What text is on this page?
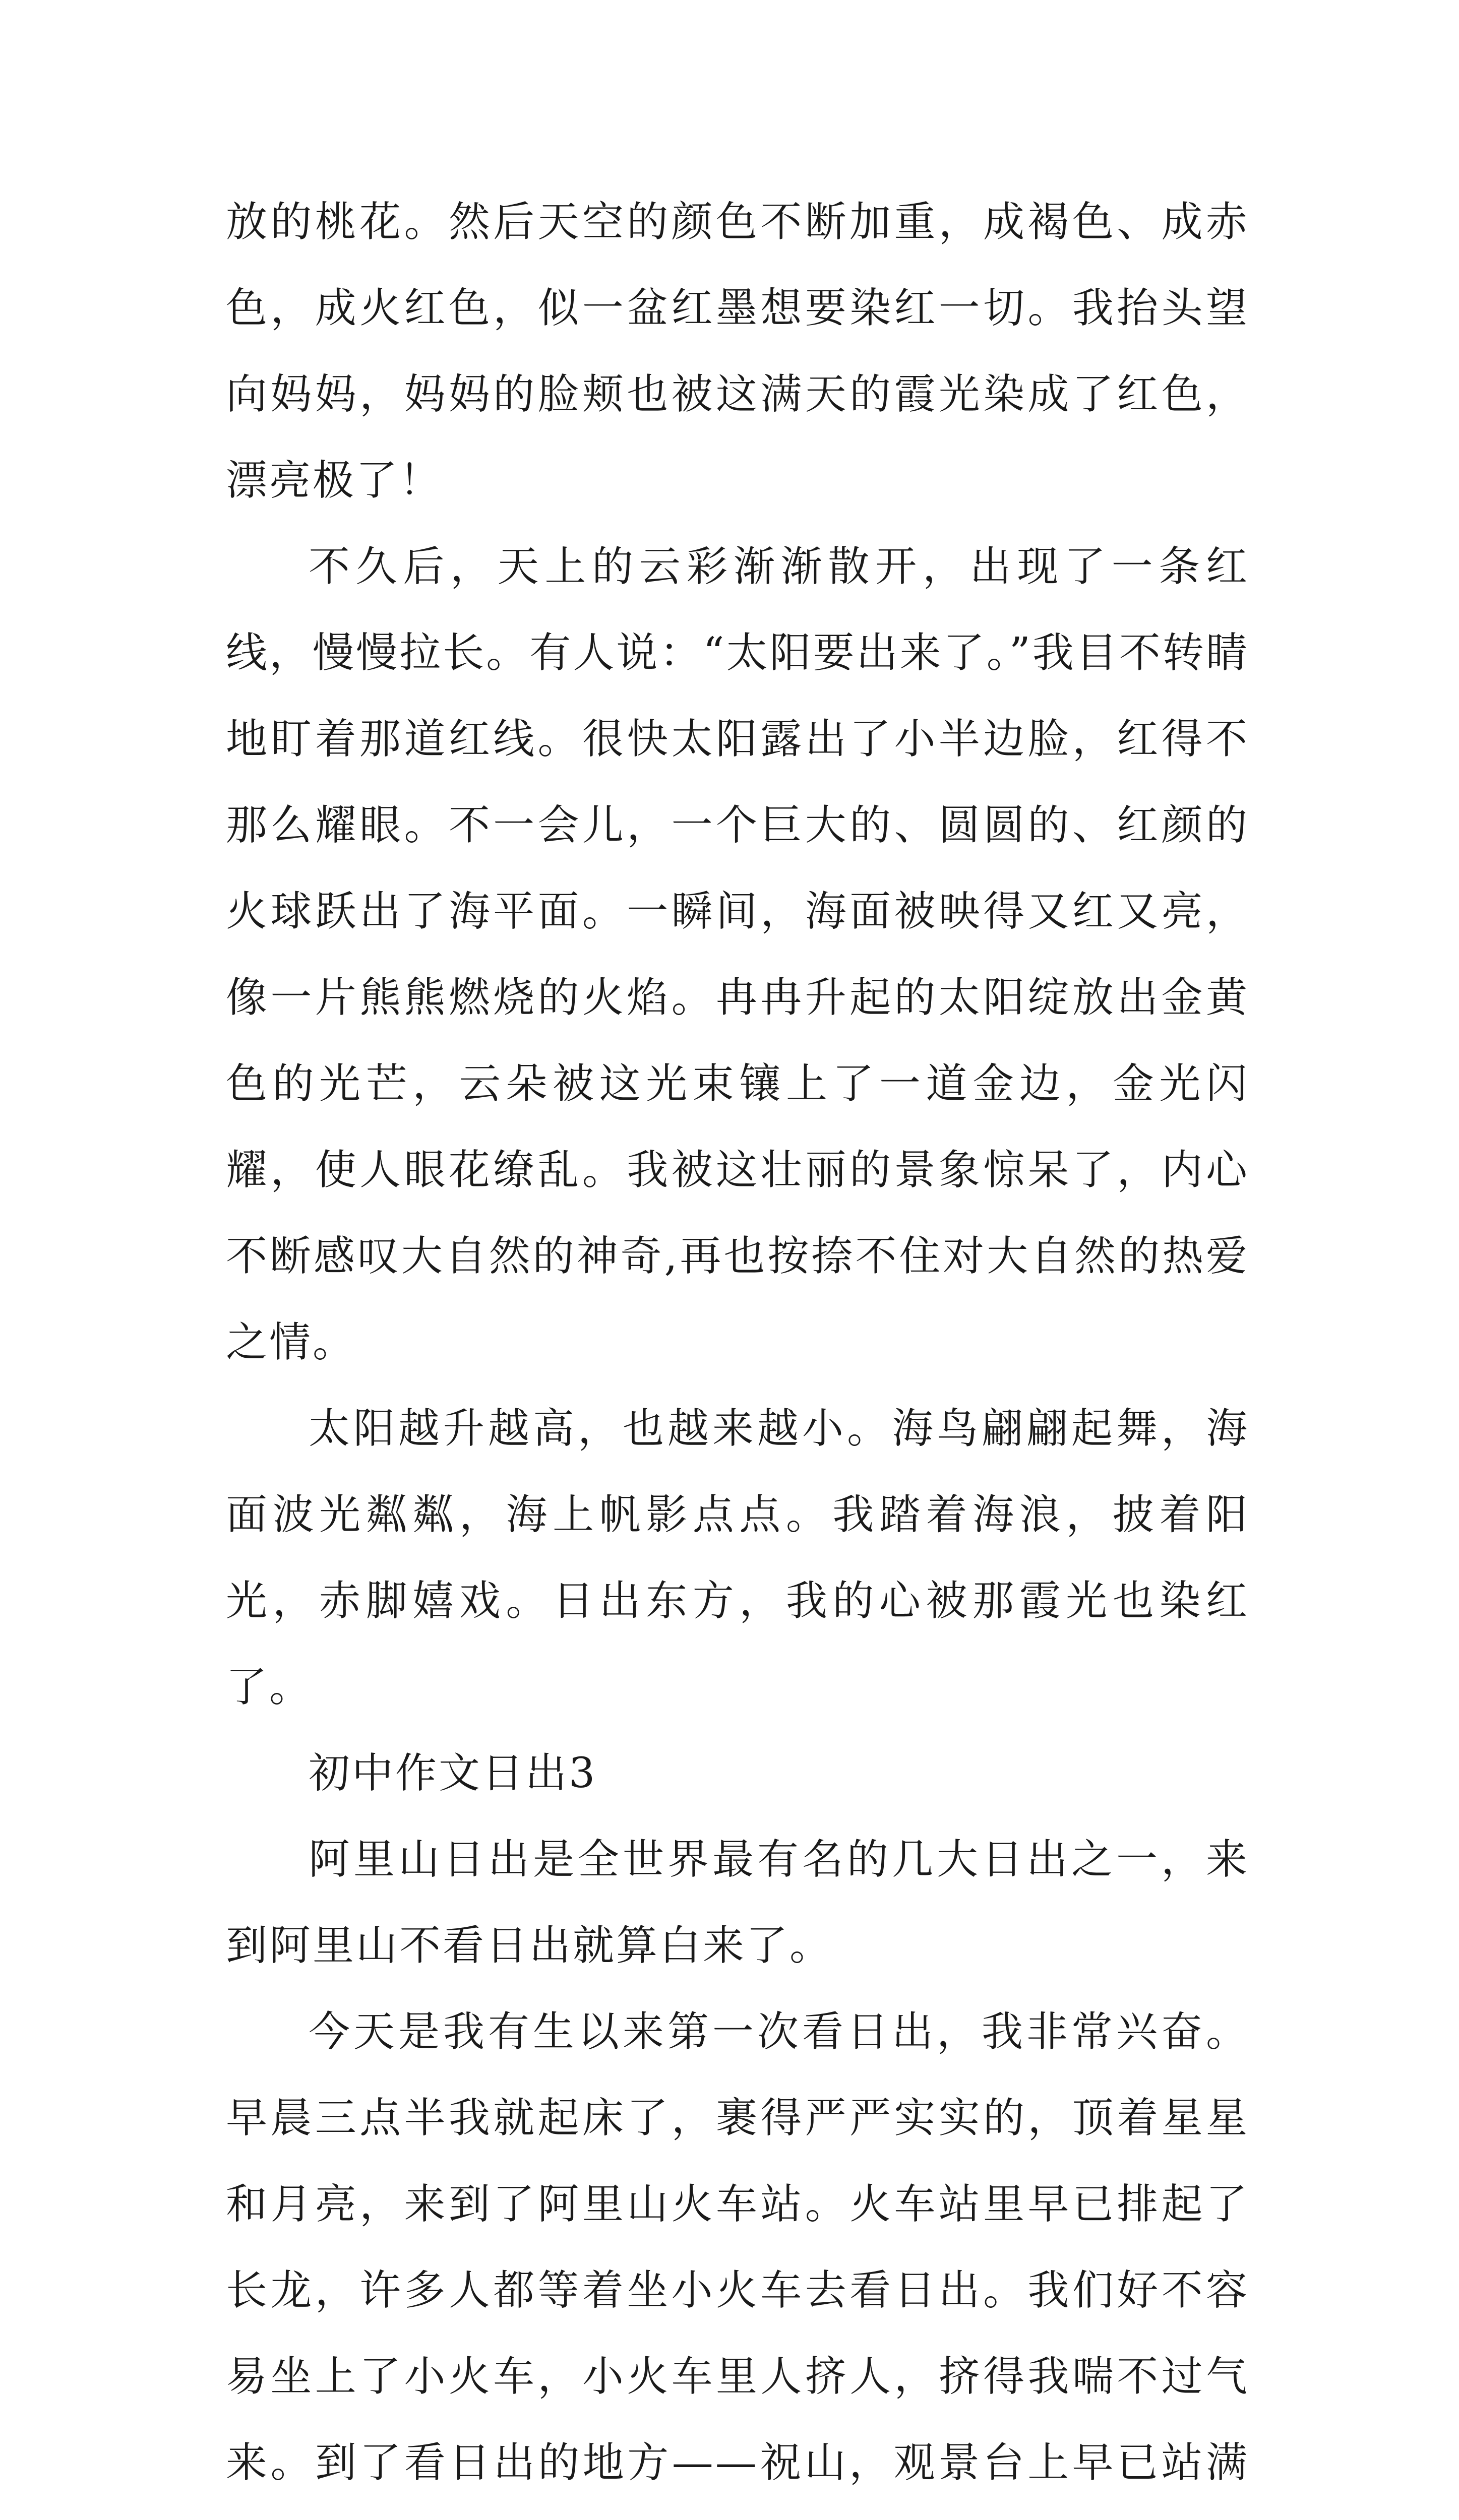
放的桃花。然后天空的颜色不断加重，成褐色、成赤色，成火红色，似一盆红墨想要染红一切。我抬头望向妈妈，妈妈的脸颊也被这满天的霞光染成了红色，漂亮极了！

不久后，天上的云彩渐渐散开，出现了一条红线，慢慢拉长。有人说：“太阳要出来了。”我目不转睛地盯着那道红线。很快太阳露出了小半边脸，红得不那么耀眼。不一会儿，一个巨大的、圆圆的、红颜的火球跃出了海平面。一瞬间，海面被映得又红又亮，像一片熊熊燃烧的火焰。冉冉升起的太阳绽放出金黄色的光芒，云朵被这光束镶上了一道金边，金光闪耀，使人眼花缭乱。我被这壮丽的景象惊呆了，内心不断感叹大自然的神奇,再也按捺不住对大自然的热爱之情。

太阳越升越高，也越来越小。海鸟翩翩起舞，海面波光粼粼，海上帆影点点。我踏着海浪，披着阳光，赤脚嬉戏。日出东方，我的心被那霞光也染红了。

初中作文日出3

阿里山日出是全世界最有名的几大日出之一，来到阿里山不看日出就算白来了。

今天是我有生以来第一次看日出，我非常兴奋。早晨三点半我就起床了，裹得严严实实的，顶着星星和月亮，来到了阿里山火车站。火车站里早已排起了长龙，许多人都等着坐小火车去看日出。我们好不容易坐上了小火车，小火车里人挤人，挤得我喘不过气来。到了看日出的地方——祝山，观景台上早已站满
